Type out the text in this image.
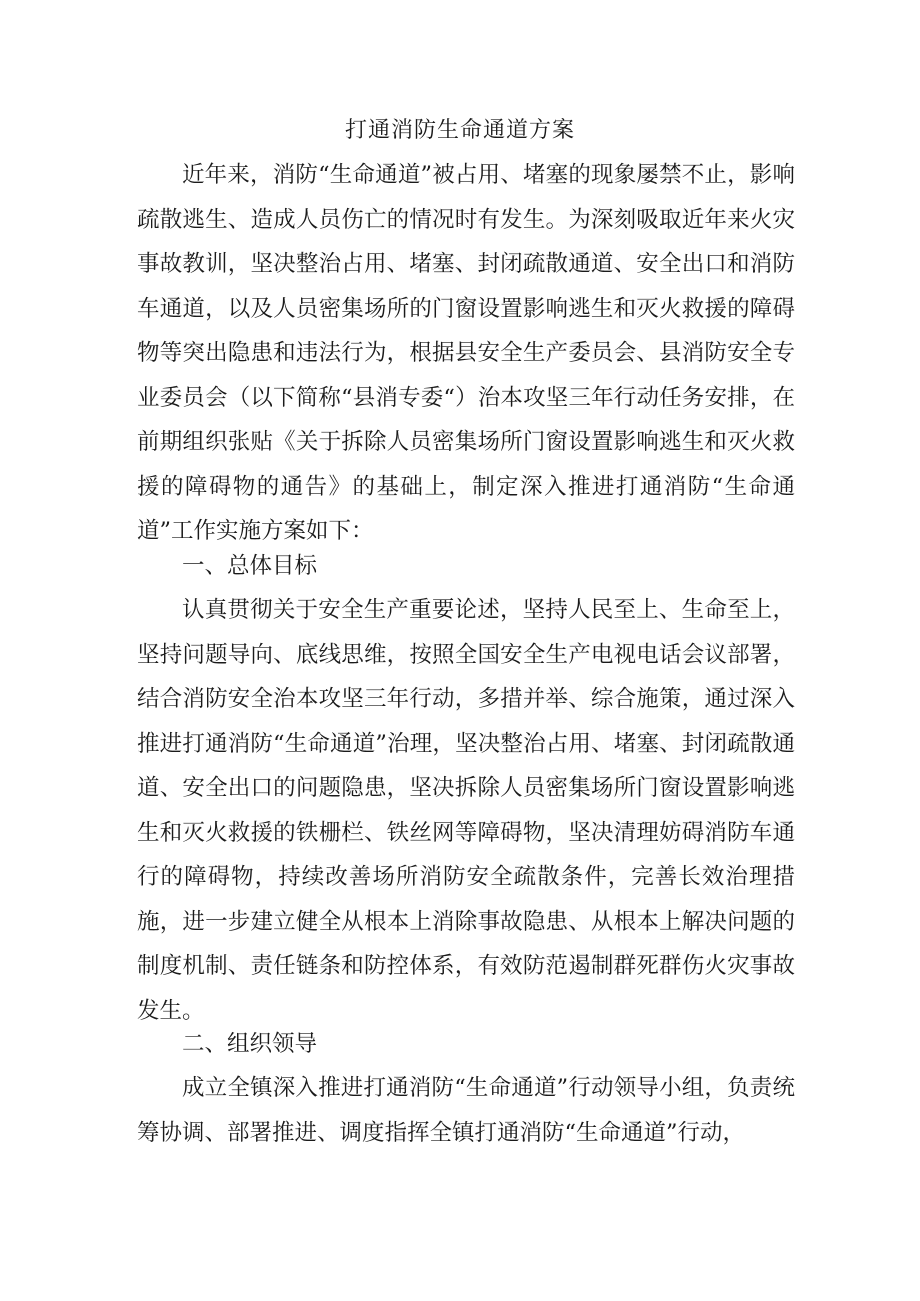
打通消防生命通道方案

近年来，消防“生命通道”被占用、堵塞的现象屡禁不止，影响疏散逃生、造成人员伤亡的情况时有发生。为深刻吸取近年来火灾事故教训，坚决整治占用、堵塞、封闭疏散通道、安全出口和消防车通道，以及人员密集场所的门窗设置影响逃生和灭火救援的障碍物等突出隐患和违法行为，根据县安全生产委员会、县消防安全专业委员会（以下简称“县消专委“）治本攻坚三年行动任务安排，在前期组织张贴《关于拆除人员密集场所门窗设置影响逃生和灭火救援的障碍物的通告》的基础上，制定深入推进打通消防“生命通道”工作实施方案如下：

一、总体目标

认真贯彻关于安全生产重要论述，坚持人民至上、生命至上，坚持问题导向、底线思维，按照全国安全生产电视电话会议部署，结合消防安全治本攻坚三年行动，多措并举、综合施策，通过深入推进打通消防“生命通道”治理，坚决整治占用、堵塞、封闭疏散通道、安全出口的问题隐患，坚决拆除人员密集场所门窗设置影响逃生和灭火救援的铁栅栏、铁丝网等障碍物，坚决清理妨碍消防车通行的障碍物，持续改善场所消防安全疏散条件，完善长效治理措施，进一步建立健全从根本上消除事故隐患、从根本上解决问题的制度机制、责任链条和防控体系，有效防范遏制群死群伤火灾事故发生。

二、组织领导

成立全镇深入推进打通消防“生命通道”行动领导小组，负责统筹协调、部署推进、调度指挥全镇打通消防“生命通道”行动，
